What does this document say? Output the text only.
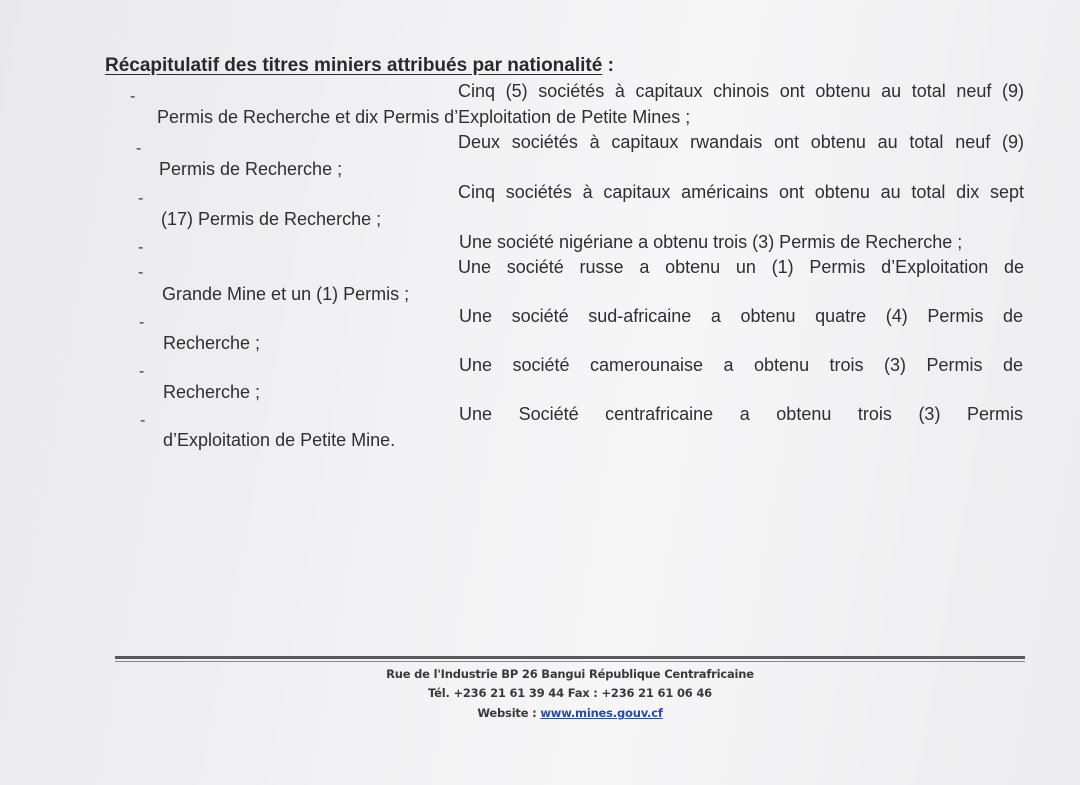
Récapitulatif des titres miniers attribués par nationalité :
-	Cinq (5) sociétés à capitaux chinois ont obtenu au total neuf (9)
Permis de Recherche et dix Permis d’Exploitation de Petite Mines ;
-	Deux sociétés à capitaux rwandais ont obtenu au total neuf (9)
Permis de Recherche ;
-	Cinq sociétés à capitaux américains ont obtenu au total dix sept
(17) Permis de Recherche ;
-	Une société nigériane a obtenu trois (3) Permis de Recherche ;
-	Une société russe a obtenu un (1) Permis d’Exploitation de
Grande Mine et un (1) Permis ;
-	Une société sud-africaine a obtenu quatre (4) Permis de
Recherche ;
-	Une société camerounaise a obtenu trois (3) Permis de
Recherche ;
-	Une Société centrafricaine a obtenu trois (3) Permis
d’Exploitation de Petite Mine.
Rue de l'Industrie BP 26 Bangui République Centrafricaine
Tél. +236 21 61 39 44 Fax : +236 21 61 06 46
Website : www.mines.gouv.cf
